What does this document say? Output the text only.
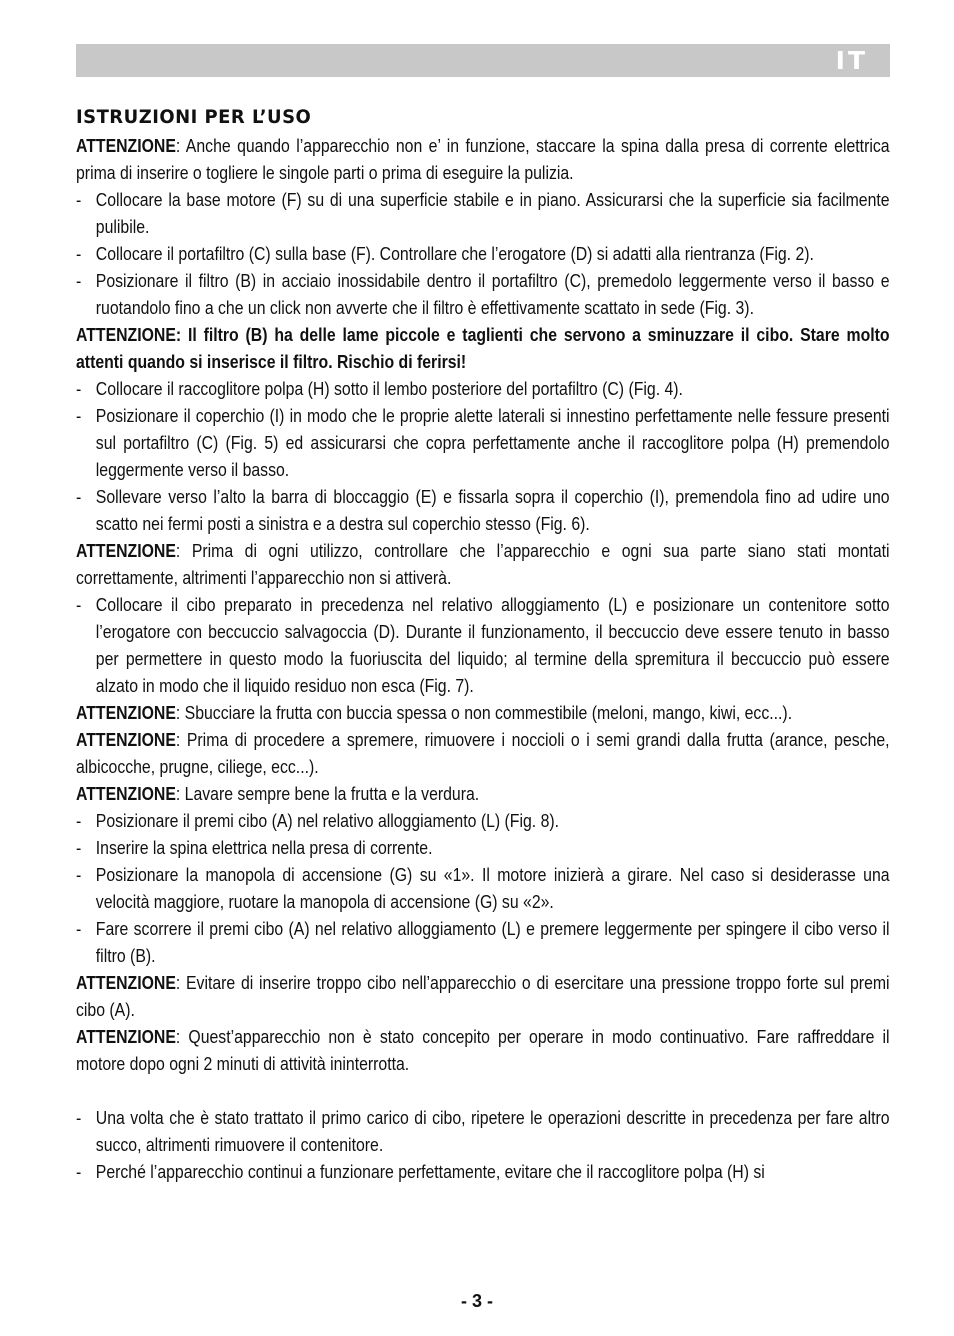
IT
ISTRUZIONI PER L’USO

ATTENZIONE: Anche quando l’apparecchio non e’ in funzione, staccare la spina dalla presa di corrente elettrica prima di inserire o togliere le singole parti o prima di eseguire la pulizia.

- Collocare la base motore (F) su di una superficie stabile e in piano. Assicurarsi che la superficie sia facilmente pulibile.
- Collocare il portafiltro (C) sulla base (F). Controllare che l’erogatore (D) si adatti alla rientranza (Fig. 2).
- Posizionare il filtro (B) in acciaio inossidabile dentro il portafiltro (C), premedolo leggermente verso il basso e ruotandolo fino a che un click non avverte che il filtro è effettivamente scattato in sede (Fig. 3).

ATTENZIONE: Il filtro (B) ha delle lame piccole e taglienti che servono a sminuzzare il cibo. Stare molto attenti quando si inserisce il filtro. Rischio di ferirsi!

- Collocare il raccoglitore polpa (H) sotto il lembo posteriore del portafiltro (C) (Fig. 4).
- Posizionare il coperchio (I) in modo che le proprie alette laterali si innestino perfettamente nelle fessure presenti sul portafiltro (C) (Fig. 5) ed assicurarsi che copra perfettamente anche il raccoglitore polpa (H) premendolo leggermente verso il basso.
- Sollevare verso l’alto la barra di bloccaggio (E) e fissarla sopra il coperchio (I), premendola fino ad udire uno scatto nei fermi posti a sinistra e a destra sul coperchio stesso (Fig. 6).

ATTENZIONE: Prima di ogni utilizzo, controllare che l’apparecchio e ogni sua parte siano stati montati correttamente, altrimenti l’apparecchio non si attiverà.

- Collocare il cibo preparato in precedenza nel relativo alloggiamento (L) e posizionare un contenitore sotto l’erogatore con beccuccio salvagoccia (D). Durante il funzionamento, il beccuccio deve essere tenuto in basso per permettere in questo modo la fuoriuscita del liquido; al termine della spremitura il beccuccio può essere alzato in modo che il liquido residuo non esca (Fig. 7).

ATTENZIONE: Sbucciare la frutta con buccia spessa o non commestibile (meloni, mango, kiwi, ecc...).

ATTENZIONE: Prima di procedere a spremere, rimuovere i noccioli o i semi grandi dalla frutta (arance, pesche, albicocche, prugne, ciliege, ecc...).

ATTENZIONE: Lavare sempre bene la frutta e la verdura.

- Posizionare il premi cibo (A) nel relativo alloggiamento (L) (Fig. 8).
- Inserire la spina elettrica nella presa di corrente.
- Posizionare la manopola di accensione (G) su «1». Il motore inizierà a girare. Nel caso si desiderasse una velocità maggiore, ruotare la manopola di accensione (G) su «2».
- Fare scorrere il premi cibo (A) nel relativo alloggiamento (L) e premere leggermente per spingere il cibo verso il filtro (B).

ATTENZIONE: Evitare di inserire troppo cibo nell’apparecchio o di esercitare una pressione troppo forte sul premi cibo (A).

ATTENZIONE: Quest’apparecchio non è stato concepito per operare in modo continuativo. Fare raffreddare il motore dopo ogni 2 minuti di attività ininterrotta.

- Una volta che è stato trattato il primo carico di cibo, ripetere le operazioni descritte in precedenza per fare altro succo, altrimenti rimuovere il contenitore.
- Perché l’apparecchio continui a funzionare perfettamente, evitare che il raccoglitore polpa (H) si
- 3 -
